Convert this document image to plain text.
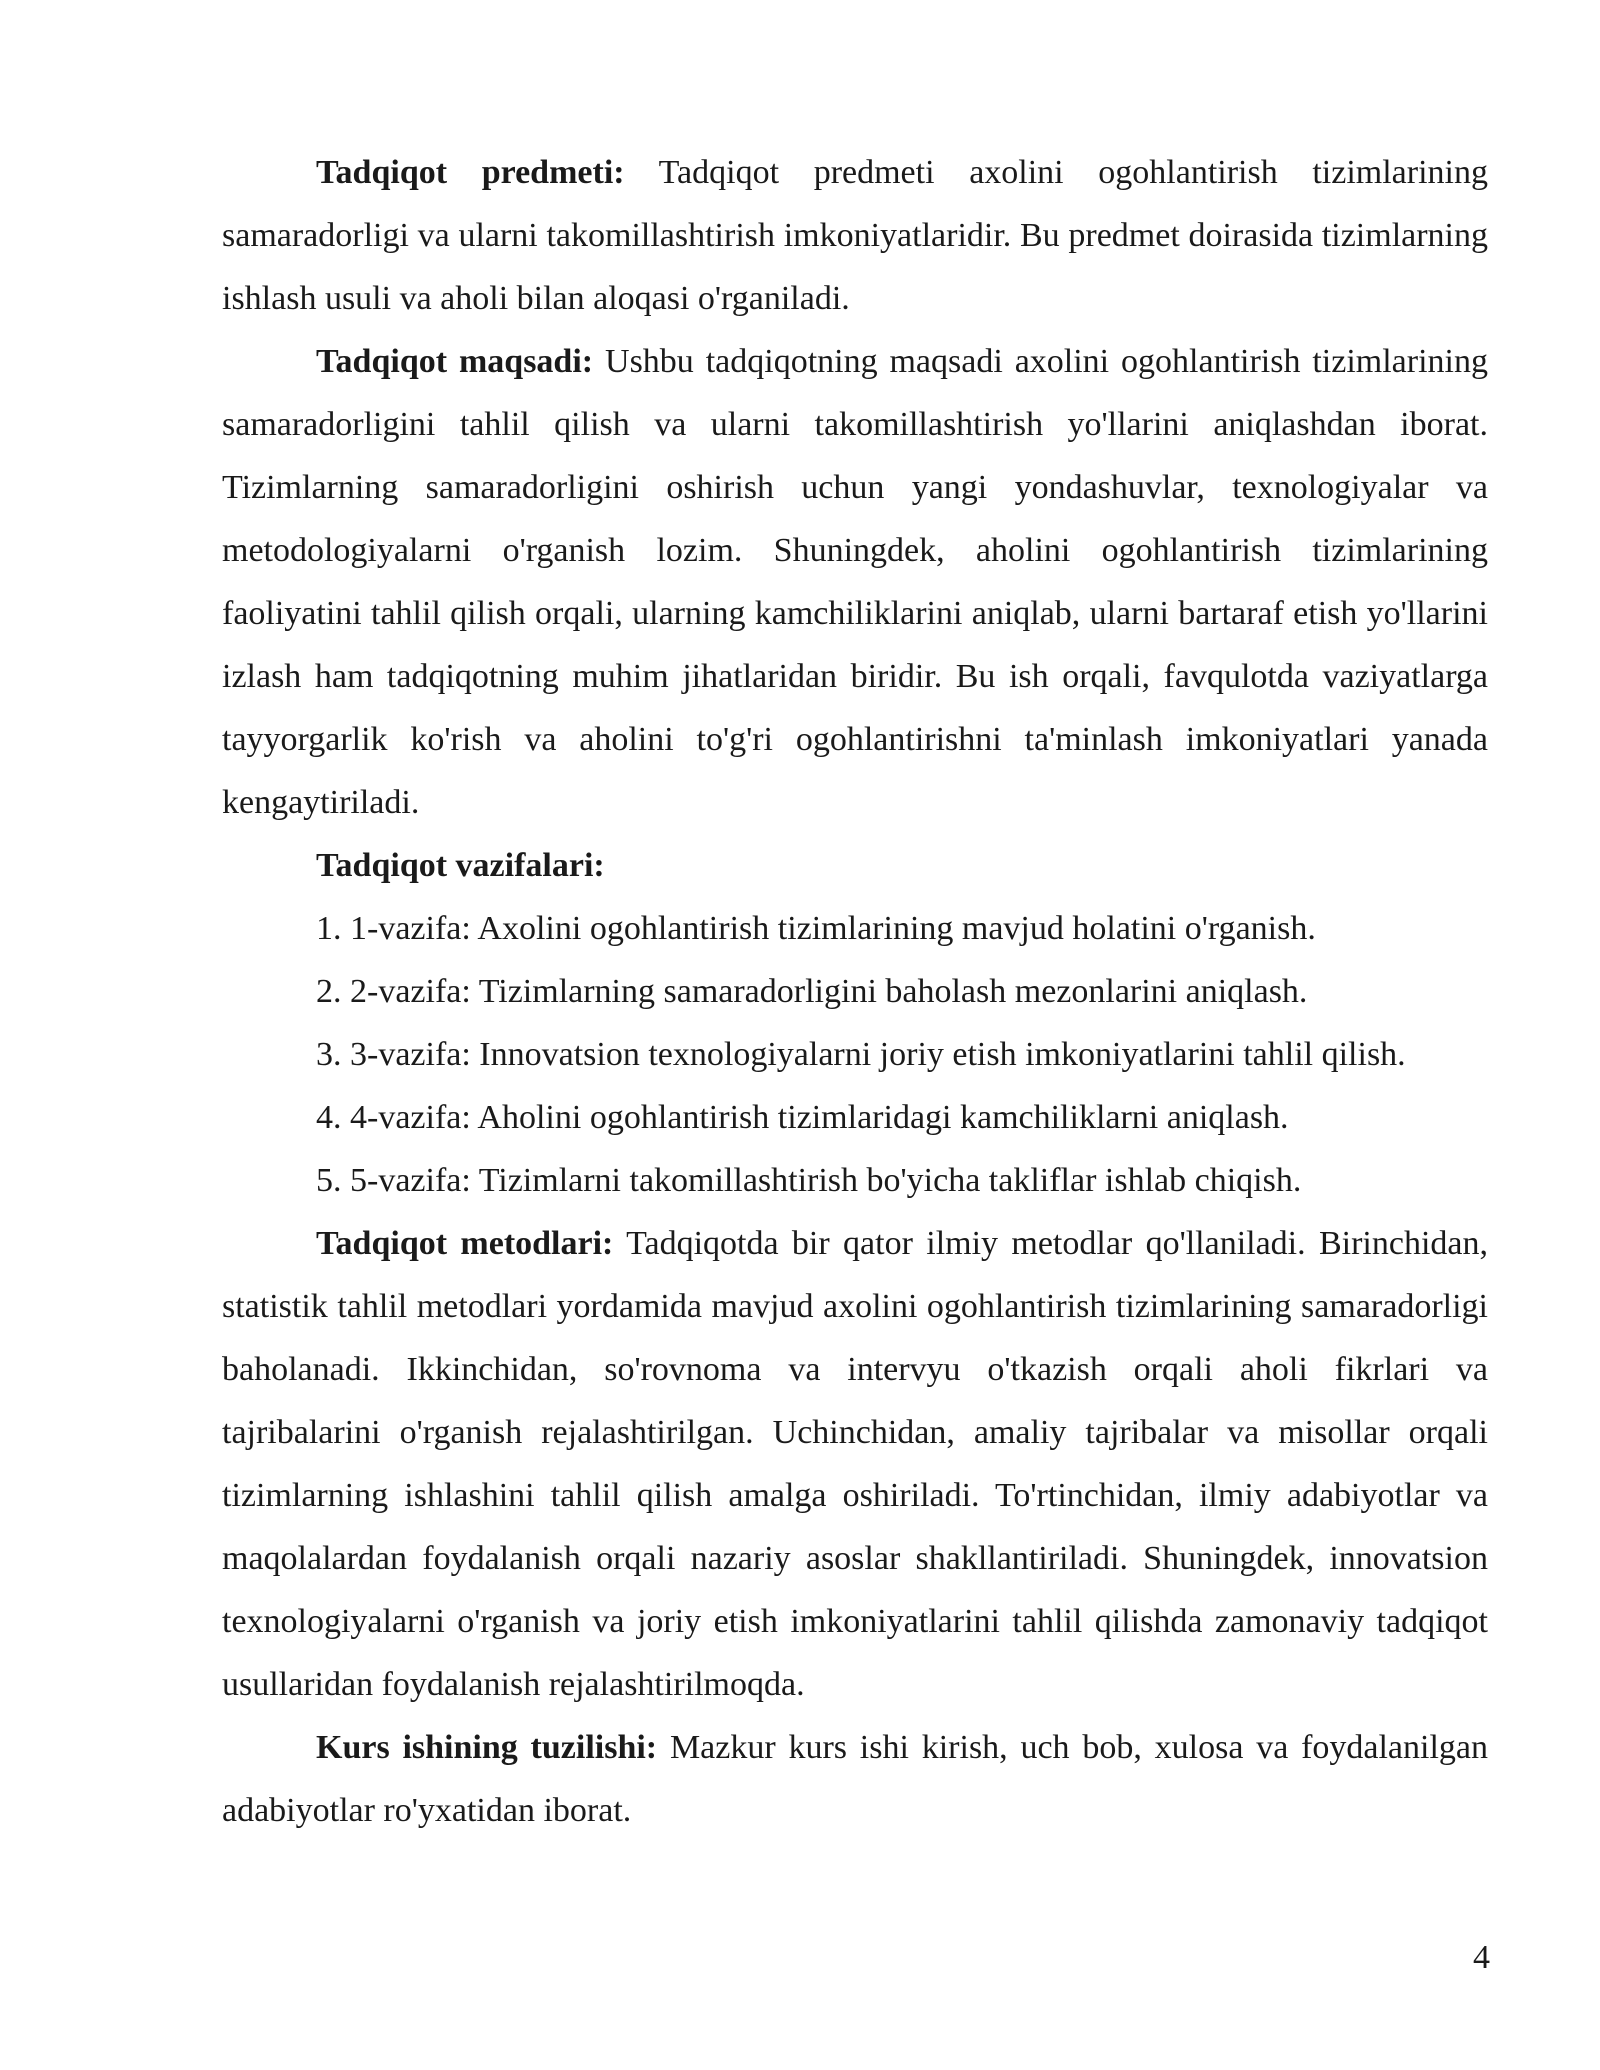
Tadqiqot predmeti: Tadqiqot predmeti axolini ogohlantirish tizimlarining samaradorligi va ularni takomillashtirish imkoniyatlaridir. Bu predmet doirasida tizimlarning ishlash usuli va aholi bilan aloqasi o'rganiladi.

Tadqiqot maqsadi: Ushbu tadqiqotning maqsadi axolini ogohlantirish tizimlarining samaradorligini tahlil qilish va ularni takomillashtirish yo'llarini aniqlashdan iborat. Tizimlarning samaradorligini oshirish uchun yangi yondashuvlar, texnologiyalar va metodologiyalarni o'rganish lozim. Shuningdek, aholini ogohlantirish tizimlarining faoliyatini tahlil qilish orqali, ularning kamchiliklarini aniqlab, ularni bartaraf etish yo'llarini izlash ham tadqiqotning muhim jihatlaridan biridir. Bu ish orqali, favqulotda vaziyatlarga tayyorgarlik ko'rish va aholini to'g'ri ogohlantirishni ta'minlash imkoniyatlari yanada kengaytiriladi.

Tadqiqot vazifalari:

1. 1-vazifa: Axolini ogohlantirish tizimlarining mavjud holatini o'rganish.
2. 2-vazifa: Tizimlarning samaradorligini baholash mezonlarini aniqlash.
3. 3-vazifa: Innovatsion texnologiyalarni joriy etish imkoniyatlarini tahlil qilish.
4. 4-vazifa: Aholini ogohlantirish tizimlaridagi kamchiliklarni aniqlash.
5. 5-vazifa: Tizimlarni takomillashtirish bo'yicha takliflar ishlab chiqish.

Tadqiqot metodlari: Tadqiqotda bir qator ilmiy metodlar qo'llaniladi. Birinchidan, statistik tahlil metodlari yordamida mavjud axolini ogohlantirish tizimlarining samaradorligi baholanadi. Ikkinchidan, so'rovnoma va intervyu o'tkazish orqali aholi fikrlari va tajribalarini o'rganish rejalashtirilgan. Uchinchidan, amaliy tajribalar va misollar orqali tizimlarning ishlashini tahlil qilish amalga oshiriladi. To'rtinchidan, ilmiy adabiyotlar va maqolalardan foydalanish orqali nazariy asoslar shakllantiriladi. Shuningdek, innovatsion texnologiyalarni o'rganish va joriy etish imkoniyatlarini tahlil qilishda zamonaviy tadqiqot usullaridan foydalanish rejalashtirilmoqda.

Kurs ishining tuzilishi: Mazkur kurs ishi kirish, uch bob, xulosa va foydalanilgan adabiyotlar ro'yxatidan iborat.

4
